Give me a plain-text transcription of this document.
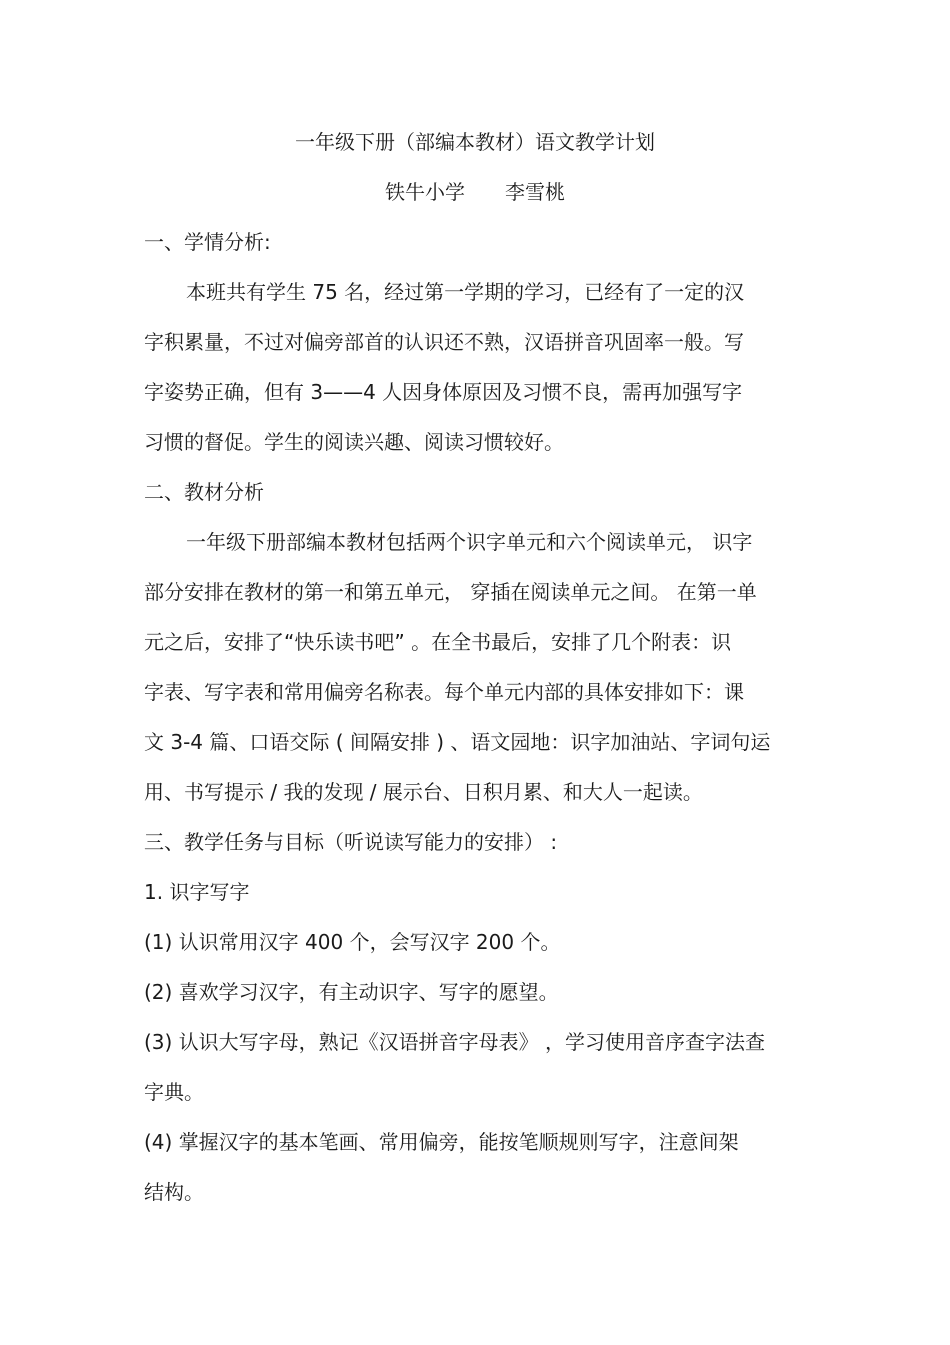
一年级下册（部编本教材）语文教学计划
铁牛小学　　李雪桃
一、学情分析:
本班共有学生 75 名，经过第一学期的学习，已经有了一定的汉
字积累量，不过对偏旁部首的认识还不熟，汉语拼音巩固率一般。写
字姿势正确，但有 3——4 人因身体原因及习惯不良，需再加强写字
习惯的督促。学生的阅读兴趣、阅读习惯较好。
二、教材分析
一年级下册部编本教材包括两个识字单元和六个阅读单元， 识字
部分安排在教材的第一和第五单元， 穿插在阅读单元之间。 在第一单
元之后，安排了“快乐读书吧” 。在全书最后，安排了几个附表：识
字表、写字表和常用偏旁名称表。每个单元内部的具体安排如下：课
文 3-4 篇、口语交际 ( 间隔安排 ) 、语文园地：识字加油站、字词句运
用、书写提示 / 我的发现 / 展示台、日积月累、和大人一起读。
三、教学任务与目标（听说读写能力的安排） :
1. 识字写字
(1) 认识常用汉字 400 个，会写汉字 200 个。
(2) 喜欢学习汉字，有主动识字、写字的愿望。
(3) 认识大写字母，熟记《汉语拼音字母表》 ，学习使用音序查字法查
字典。
(4) 掌握汉字的基本笔画、常用偏旁，能按笔顺规则写字，注意间架
结构。
